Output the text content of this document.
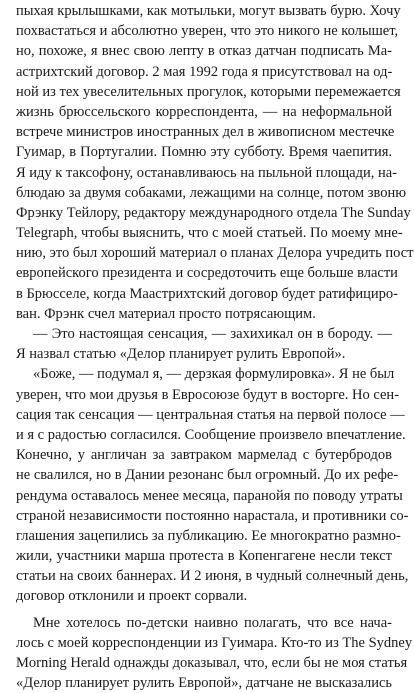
пыхая крылышками, как мотыльки, могут вызвать бурю. Хочу
похвастаться и абсолютно уверен, что это никого не колышет,
но, похоже, я внес свою лепту в отказ датчан подписать Ма-
астрихтский договор. 2 мая 1992 года я присутствовал на од-
ной из тех увеселительных прогулок, которыми перемежается
жизнь брюссельского корреспондента, — на неформальной
встрече министров иностранных дел в живописном местечке
Гуимар, в Португалии. Помню эту субботу. Время чаепития.
Я иду к таксофону, останавливаюсь на пыльной площади, на-
блюдаю за двумя собаками, лежащими на солнце, потом звоню
Фрэнку Тейлору, редактору международного отдела The Sunday
Telegraph, чтобы выяснить, что с моей статьей. По моему мне-
нию, это был хороший материал о планах Делора учредить пост
европейского президента и сосредоточить еще больше власти
в Брюсселе, когда Маастрихтский договор будет ратифициро-
ван. Фрэнк счел материал просто потрясающим.
— Это настоящая сенсация, — захихикал он в бороду. —
Я назвал статью «Делор планирует рулить Европой».
«Боже, — подумал я, — дерзкая формулировка». Я не был
уверен, что мои друзья в Евросоюзе будут в восторге. Но сен-
сация так сенсация — центральная статья на первой полосе —
и я с радостью согласился. Сообщение произвело впечатление.
Конечно, у англичан за завтраком мармелад с бутербродов
не свалился, но в Дании резонанс был огромный. До их рефе-
рендума оставалось менее месяца, паранойя по поводу утраты
страной независимости постоянно нарастала, и противники со-
глашения зацепились за публикацию. Ее многократно размно-
жили, участники марша протеста в Копенгагене несли текст
статьи на своих баннерах. И 2 июня, в чудный солнечный день,
договор отклонили и проект сорвали.
Мне хотелось по-детски наивно полагать, что все нача-
лось с моей корреспонденции из Гуимара. Кто-то из The Sydney
Morning Herald однажды доказывал, что, если бы не моя статья
«Делор планирует рулить Европой», датчане не высказались
